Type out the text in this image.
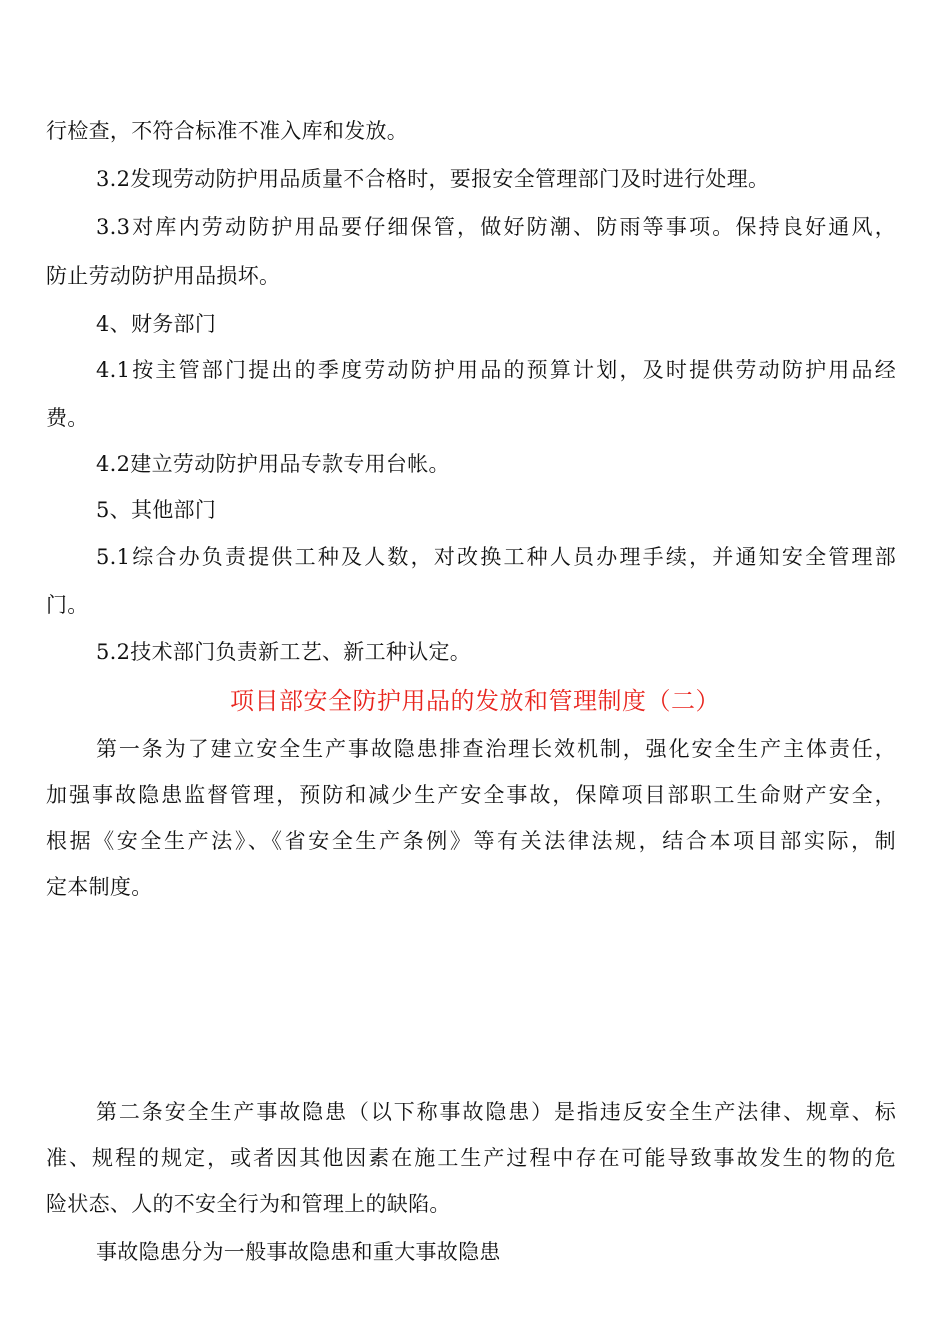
行检查，不符合标准不准入库和发放。
3.2发现劳动防护用品质量不合格时，要报安全管理部门及时进行处理。
3.3对库内劳动防护用品要仔细保管，做好防潮、防雨等事项。保持良好通风，
防止劳动防护用品损坏。
4、财务部门
4.1按主管部门提出的季度劳动防护用品的预算计划，及时提供劳动防护用品经
费。
4.2建立劳动防护用品专款专用台帐。
5、其他部门
5.1综合办负责提供工种及人数，对改换工种人员办理手续，并通知安全管理部
门。
5.2技术部门负责新工艺、新工种认定。
项目部安全防护用品的发放和管理制度（二）
第一条为了建立安全生产事故隐患排查治理长效机制，强化安全生产主体责任，
加强事故隐患监督管理，预防和减少生产安全事故，保障项目部职工生命财产安全，
根据《安全生产法》、《省安全生产条例》等有关法律法规，结合本项目部实际，制
定本制度。
第二条安全生产事故隐患（以下称事故隐患）是指违反安全生产法律、规章、标
准、规程的规定，或者因其他因素在施工生产过程中存在可能导致事故发生的物的危
险状态、人的不安全行为和管理上的缺陷。
事故隐患分为一般事故隐患和重大事故隐患
